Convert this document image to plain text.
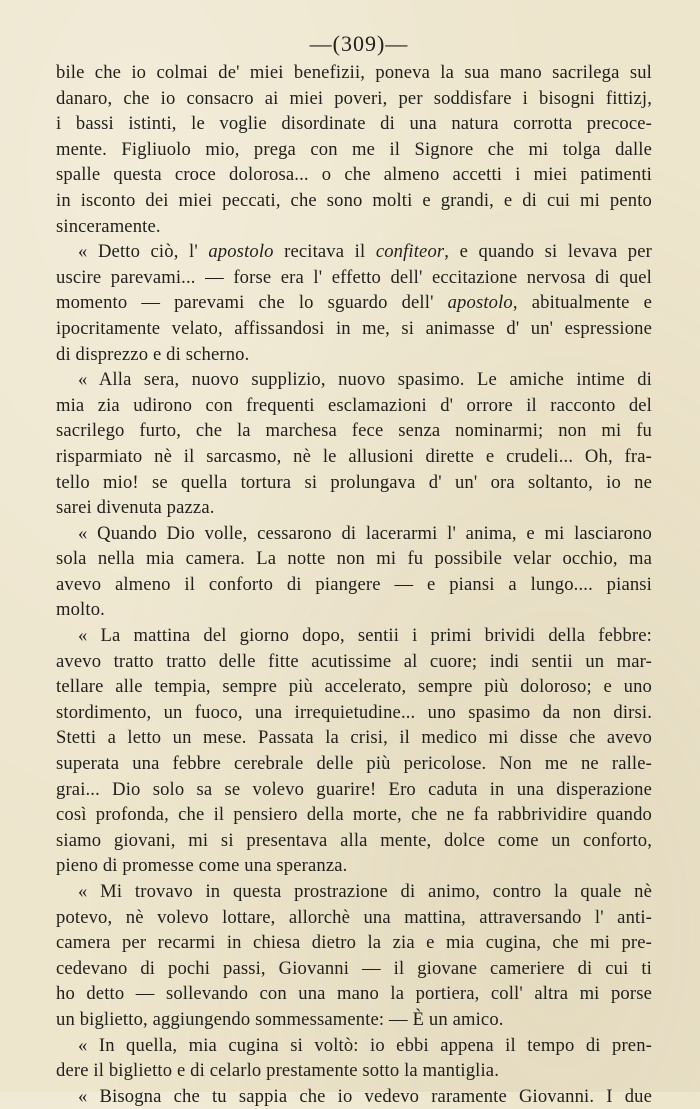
—(309)—
bile che io colmai de' miei benefizii, poneva la sua mano sacrilega sul
danaro, che io consacro ai miei poveri, per soddisfare i bisogni fittizj,
i bassi istinti, le voglie disordinate di una natura corrotta precoce-
mente. Figliuolo mio, prega con me il Signore che mi tolga dalle
spalle questa croce dolorosa... o che almeno accetti i miei patimenti
in isconto dei miei peccati, che sono molti e grandi, e di cui mi pento
sinceramente.
« Detto ciò, l' apostolo recitava il confiteor, e quando si levava per
uscire parevami... — forse era l' effetto dell' eccitazione nervosa di quel
momento — parevami che lo sguardo dell' apostolo, abitualmente e
ipocritamente velato, affissandosi in me, si animasse d' un' espressione
di disprezzo e di scherno.
« Alla sera, nuovo supplizio, nuovo spasimo. Le amiche intime di
mia zia udirono con frequenti esclamazioni d' orrore il racconto del
sacrilego furto, che la marchesa fece senza nominarmi; non mi fu
risparmiato nè il sarcasmo, nè le allusioni dirette e crudeli... Oh, fra-
tello mio! se quella tortura si prolungava d' un' ora soltanto, io ne
sarei divenuta pazza.
« Quando Dio volle, cessarono di lacerarmi l' anima, e mi lasciarono
sola nella mia camera. La notte non mi fu possibile velar occhio, ma
avevo almeno il conforto di piangere — e piansi a lungo.... piansi
molto.
« La mattina del giorno dopo, sentii i primi brividi della febbre:
avevo tratto tratto delle fitte acutissime al cuore; indi sentii un mar-
tellare alle tempia, sempre più accelerato, sempre più doloroso; e uno
stordimento, un fuoco, una irrequietudine... uno spasimo da non dirsi.
Stetti a letto un mese. Passata la crisi, il medico mi disse che avevo
superata una febbre cerebrale delle più pericolose. Non me ne ralle-
grai... Dio solo sa se volevo guarire! Ero caduta in una disperazione
così profonda, che il pensiero della morte, che ne fa rabbrividire quando
siamo giovani, mi si presentava alla mente, dolce come un conforto,
pieno di promesse come una speranza.
« Mi trovavo in questa prostrazione di animo, contro la quale nè
potevo, nè volevo lottare, allorchè una mattina, attraversando l' anti-
camera per recarmi in chiesa dietro la zia e mia cugina, che mi pre-
cedevano di pochi passi, Giovanni — il giovane cameriere di cui ti
ho detto — sollevando con una mano la portiera, coll' altra mi porse
un biglietto, aggiungendo sommessamente: — È un amico.
« In quella, mia cugina si voltò: io ebbi appena il tempo di pren-
dere il biglietto e di celarlo prestamente sotto la mantiglia.
« Bisogna che tu sappia che io vedevo raramente Giovanni. I due
